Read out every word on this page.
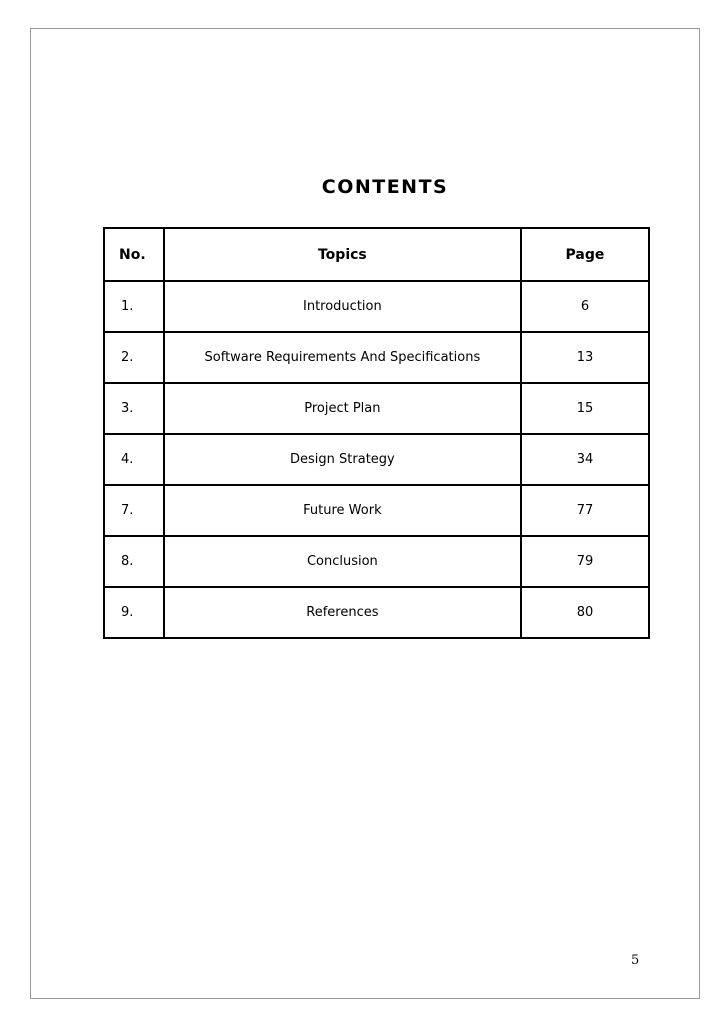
CONTENTS
No.	Topics	Page
1.	Introduction	6
2.	Software Requirements And Specifications	13
3.	Project Plan	15
4.	Design Strategy	34
7.	Future Work	77
8.	Conclusion	79
9.	References	80
5
